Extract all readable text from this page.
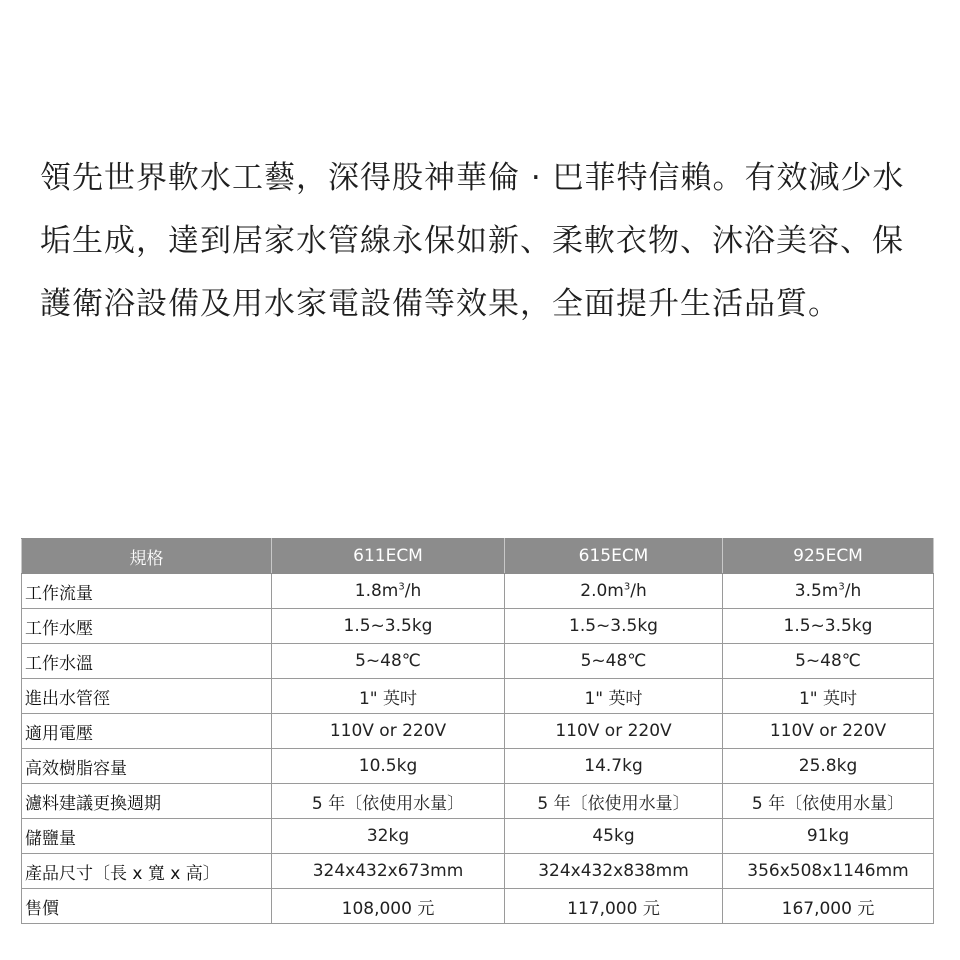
領先世界軟水工藝，深得股神華倫 · 巴菲特信賴。有效減少水垢生成，達到居家水管線永保如新、柔軟衣物、沐浴美容、保護衛浴設備及用水家電設備等效果，全面提升生活品質。

規格	611ECM	615ECM	925ECM
工作流量	$1.8m^3/h$	$2.0m^3/h$	$3.5m^3/h$
工作水壓	1.5~3.5kg	1.5~3.5kg	1.5~3.5kg
工作水溫	5~48℃	5~48℃	5~48℃
進出水管徑	1" 英吋	1" 英吋	1" 英吋
適用電壓	110V or 220V	110V or 220V	110V or 220V
高效樹脂容量	10.5kg	14.7kg	25.8kg
濾料建議更換週期	5 年〔依使用水量〕	5 年〔依使用水量〕	5 年〔依使用水量〕
儲鹽量	32kg	45kg	91kg
產品尺寸〔長 x 寬 x 高〕	324x432x673mm	324x432x838mm	356x508x1146mm
售價	108,000 元	117,000 元	167,000 元
